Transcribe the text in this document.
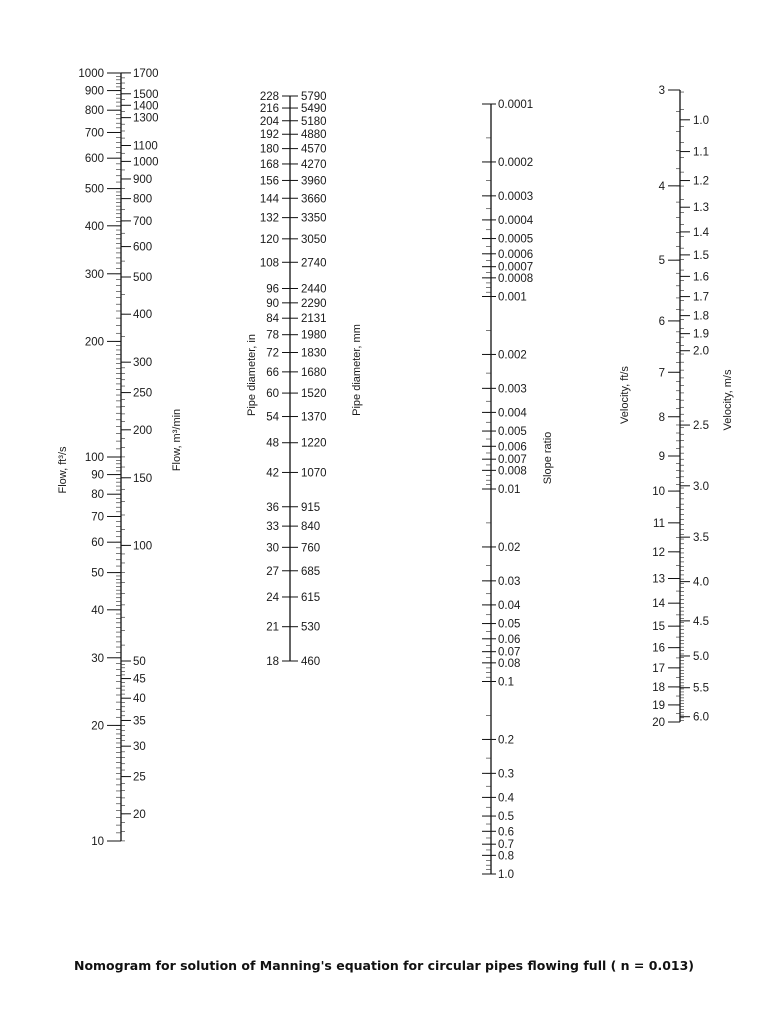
1000
900
800
700
600
500
400
300
200
100
90
80
70
60
50
40
30
20
10
1700
1500
1300
1400
1100
1000
900
800
700
600
500
400
300
250
200
150
100
50
45
40
35
30
25
20
Flow, ft³/s	Flow, m³/min
228 5790
216 5490
204 5180
192 4880
180 4570
168 4270
156 3960
144 3660
132 3350
120 3050
108 2740
96 2440
90 2290
84 2131
78 1980
72 1830
66 1680
60 1520
54 1370
48 1220
42 1070
36 915
33 840
30 760
27 685
24 615
21 530
18 460
Pipe diameter, in	Pipe diameter, mm
0.0001
0.0002
0.0003
0.0004
0.0005
0.0006
0.0007
0.0008
0.001
0.002
0.003
0.004
0.005
0.006
0.007
0.008
0.01
0.02
0.03
0.04
0.05
0.06
0.07
0.08
0.1
0.2
0.3
0.4
0.5
0.6
0.7
0.8
1.0
Slope ratio
3
4
5
6
7
8
9
10
11
12
13
14
15
16
17
18
19
20
1.0
1.1
1.2
1.3
1.4
1.5
1.6
1.7
1.8
1.9
2.0
2.5
3.0
3.5
4.0
4.5
5.0
5.5
6.0
Velocity, ft/s	Velocity, m/s
Nomogram for solution of Manning's equation for circular pipes flowing full ( n = 0.013)
